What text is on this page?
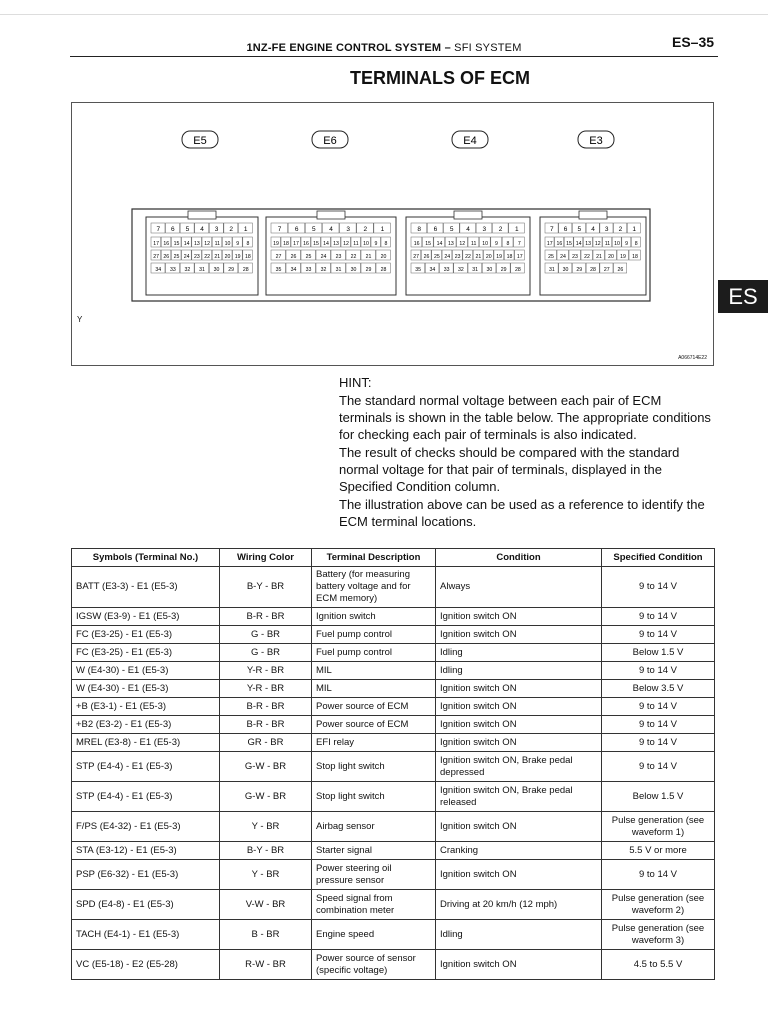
1NZ-FE ENGINE CONTROL SYSTEM – SFI SYSTEM	ES–35
TERMINALS OF ECM
E5
7 6 5 4 3 2 1
17 16 15 14 13 12 11 10 9 8
27 26 25 24 23 22 21 20 19 18
34 33 32 31 30 29 28
E6
7 6 5 4 3 2 1
19 18 17 16 15 14 13 12 11 10 9 8
27 26 25 24 23 22 21 20
35 34 33 32 31 30 29 28
E4
8 6 5 4 3 2 1
16 15 14 13 12 11 10 9 8 7
27 26 25 24 23 22 21 20 19 18 17
35 34 33 32 31 30 29 28
E3
7 6 5 4 3 2 1
17 16 15 14 13 12 11 10 9 8
25 24 23 22 21 20 19 18
31 30 29 28 27 26
Y
A066714E22
ES

HINT:

The standard normal voltage between each pair of ECM terminals is shown in the table below. The appropriate conditions for checking each pair of terminals is also indicated.

The result of checks should be compared with the standard normal voltage for that pair of terminals, displayed in the Specified Condition column.

The illustration above can be used as a reference to identify the ECM terminal locations.

Symbols (Terminal No.)	Wiring Color	Terminal Description	Condition	Specified Condition
BATT (E3-3) - E1 (E5-3)	B-Y - BR	Battery (for measuring battery voltage and for ECM memory)	Always	9 to 14 V
IGSW (E3-9) - E1 (E5-3)	B-R - BR	Ignition switch	Ignition switch ON	9 to 14 V
FC (E3-25) - E1 (E5-3)	G - BR	Fuel pump control	Ignition switch ON	9 to 14 V
FC (E3-25) - E1 (E5-3)	G - BR	Fuel pump control	Idling	Below 1.5 V
W (E4-30) - E1 (E5-3)	Y-R - BR	MIL	Idling	9 to 14 V
W (E4-30) - E1 (E5-3)	Y-R - BR	MIL	Ignition switch ON	Below 3.5 V
+B (E3-1) - E1 (E5-3)	B-R - BR	Power source of ECM	Ignition switch ON	9 to 14 V
+B2 (E3-2) - E1 (E5-3)	B-R - BR	Power source of ECM	Ignition switch ON	9 to 14 V
MREL (E3-8) - E1 (E5-3)	GR - BR	EFI relay	Ignition switch ON	9 to 14 V
STP (E4-4) - E1 (E5-3)	G-W - BR	Stop light switch	Ignition switch ON, Brake pedal depressed	9 to 14 V
STP (E4-4) - E1 (E5-3)	G-W - BR	Stop light switch	Ignition switch ON, Brake pedal released	Below 1.5 V
F/PS (E4-32) - E1 (E5-3)	Y - BR	Airbag sensor	Ignition switch ON	Pulse generation (see waveform 1)
STA (E3-12) - E1 (E5-3)	B-Y - BR	Starter signal	Cranking	5.5 V or more
PSP (E6-32) - E1 (E5-3)	Y - BR	Power steering oil pressure sensor	Ignition switch ON	9 to 14 V
SPD (E4-8) - E1 (E5-3)	V-W - BR	Speed signal from combination meter	Driving at 20 km/h (12 mph)	Pulse generation (see waveform 2)
TACH (E4-1) - E1 (E5-3)	B - BR	Engine speed	Idling	Pulse generation (see waveform 3)
VC (E5-18) - E2 (E5-28)	R-W - BR	Power source of sensor (specific voltage)	Ignition switch ON	4.5 to 5.5 V
